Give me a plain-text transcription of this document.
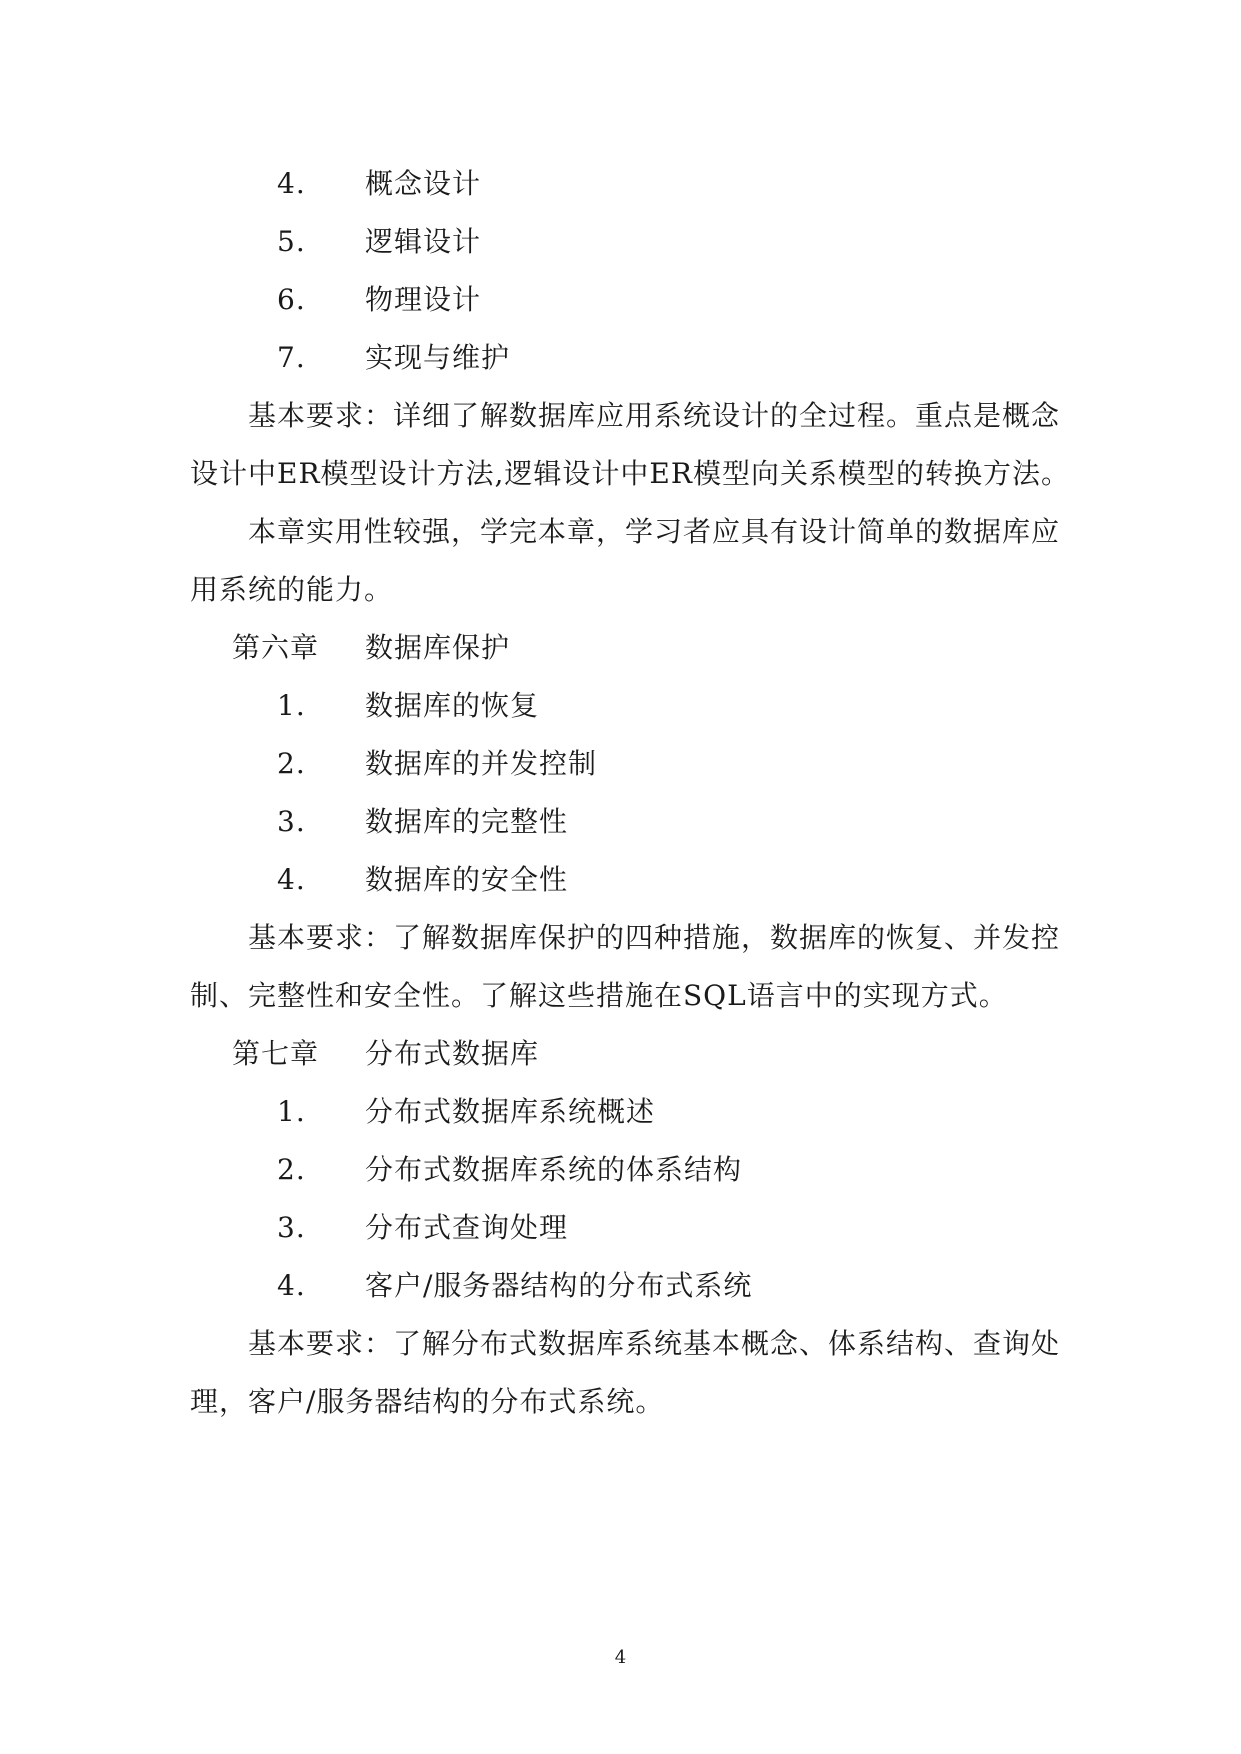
4. 概念设计
5. 逻辑设计
6. 物理设计
7. 实现与维护
　　基本要求：详细了解数据库应用系统设计的全过程。重点是概念
设计中ER模型设计方法,逻辑设计中ER模型向关系模型的转换方法。
　　本章实用性较强，学完本章，学习者应具有设计简单的数据库应
用系统的能力。
第六章 数据库保护
1. 数据库的恢复
2. 数据库的并发控制
3. 数据库的完整性
4. 数据库的安全性
　　基本要求：了解数据库保护的四种措施，数据库的恢复、并发控
制、完整性和安全性。了解这些措施在SQL语言中的实现方式。
第七章 分布式数据库
1. 分布式数据库系统概述
2. 分布式数据库系统的体系结构
3. 分布式查询处理
4. 客户/服务器结构的分布式系统
　　基本要求：了解分布式数据库系统基本概念、体系结构、查询处
理，客户/服务器结构的分布式系统。
4
